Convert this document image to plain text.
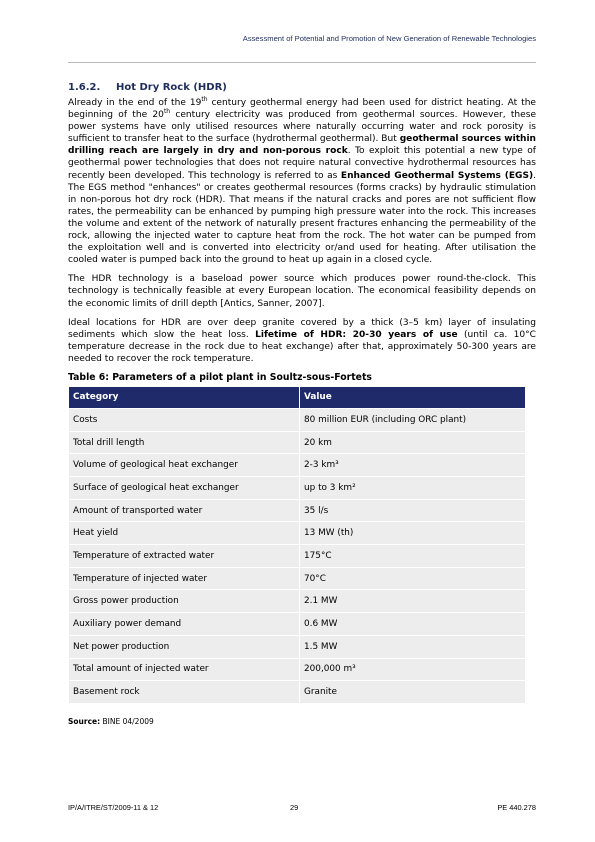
Assessment of Potential and Promotion of New Generation of Renewable Technologies
1.6.2. Hot Dry Rock (HDR)

Already in the end of the 19th century geothermal energy had been used for district heating. At the beginning of the 20th century electricity was produced from geothermal sources. However, these power systems have only utilised resources where naturally occurring water and rock porosity is sufficient to transfer heat to the surface (hydrothermal geothermal). But geothermal sources within drilling reach are largely in dry and non-porous rock. To exploit this potential a new type of geothermal power technologies that does not require natural convective hydrothermal resources has recently been developed. This technology is referred to as Enhanced Geothermal Systems (EGS). The EGS method "enhances" or creates geothermal resources (forms cracks) by hydraulic stimulation in non-porous hot dry rock (HDR). That means if the natural cracks and pores are not sufficient flow rates, the permeability can be enhanced by pumping high pressure water into the rock. This increases the volume and extent of the network of naturally present fractures enhancing the permeability of the rock, allowing the injected water to capture heat from the rock. The hot water can be pumped from the exploitation well and is converted into electricity or/and used for heating. After utilisation the cooled water is pumped back into the ground to heat up again in a closed cycle.

The HDR technology is a baseload power source which produces power round-the-clock. This technology is technically feasible at every European location. The economical feasibility depends on the economic limits of drill depth [Antics, Sanner, 2007].

Ideal locations for HDR are over deep granite covered by a thick (3–5 km) layer of insulating sediments which slow the heat loss. Lifetime of HDR: 20-30 years of use (until ca. 10°C temperature decrease in the rock due to heat exchange) after that, approximately 50-300 years are needed to recover the rock temperature.

Table 6: Parameters of a pilot plant in Soultz-sous-Fortets
Category	Value
Costs	80 million EUR (including ORC plant)
Total drill length	20 km
Volume of geological heat exchanger	2-3 km³
Surface of geological heat exchanger	up to 3 km²
Amount of transported water	35 l/s
Heat yield	13 MW (th)
Temperature of extracted water	175°C
Temperature of injected water	70°C
Gross power production	2.1 MW
Auxiliary power demand	0.6 MW
Net power production	1.5 MW
Total amount of injected water	200,000 m³
Basement rock	Granite
Source: BINE 04/2009
IP/A/ITRE/ST/2009-11 & 12	29	PE 440.278
